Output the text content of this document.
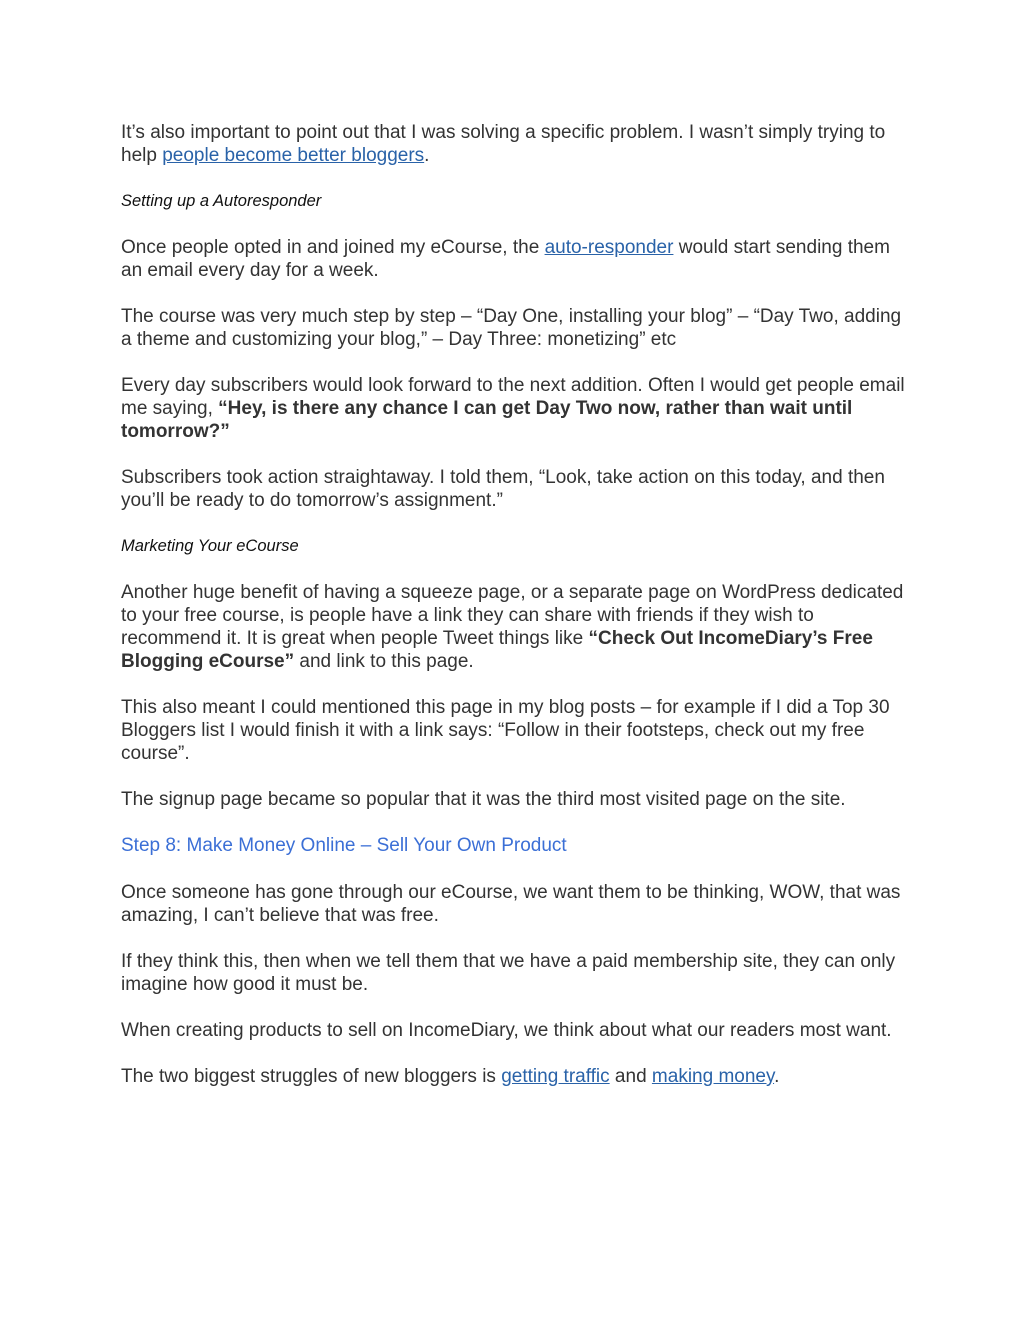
It’s also important to point out that I was solving a specific problem. I wasn’t simply trying to help people become better bloggers.

Setting up a Autoresponder

Once people opted in and joined my eCourse, the auto-responder would start sending them an email every day for a week.

The course was very much step by step – “Day One, installing your blog” – “Day Two, adding a theme and customizing your blog,” – Day Three: monetizing” etc

Every day subscribers would look forward to the next addition. Often I would get people email me saying, “Hey, is there any chance I can get Day Two now, rather than wait until tomorrow?”

Subscribers took action straightaway. I told them, “Look, take action on this today, and then you’ll be ready to do tomorrow’s assignment.”

Marketing Your eCourse

Another huge benefit of having a squeeze page, or a separate page on WordPress dedicated to your free course, is people have a link they can share with friends if they wish to recommend it. It is great when people Tweet things like “Check Out IncomeDiary’s Free Blogging eCourse” and link to this page.

This also meant I could mentioned this page in my blog posts – for example if I did a Top 30 Bloggers list I would finish it with a link says: “Follow in their footsteps, check out my free course”.

The signup page became so popular that it was the third most visited page on the site.

Step 8: Make Money Online – Sell Your Own Product

Once someone has gone through our eCourse, we want them to be thinking, WOW, that was amazing, I can’t believe that was free.

If they think this, then when we tell them that we have a paid membership site, they can only imagine how good it must be.

When creating products to sell on IncomeDiary, we think about what our readers most want.

The two biggest struggles of new bloggers is getting traffic and making money.
